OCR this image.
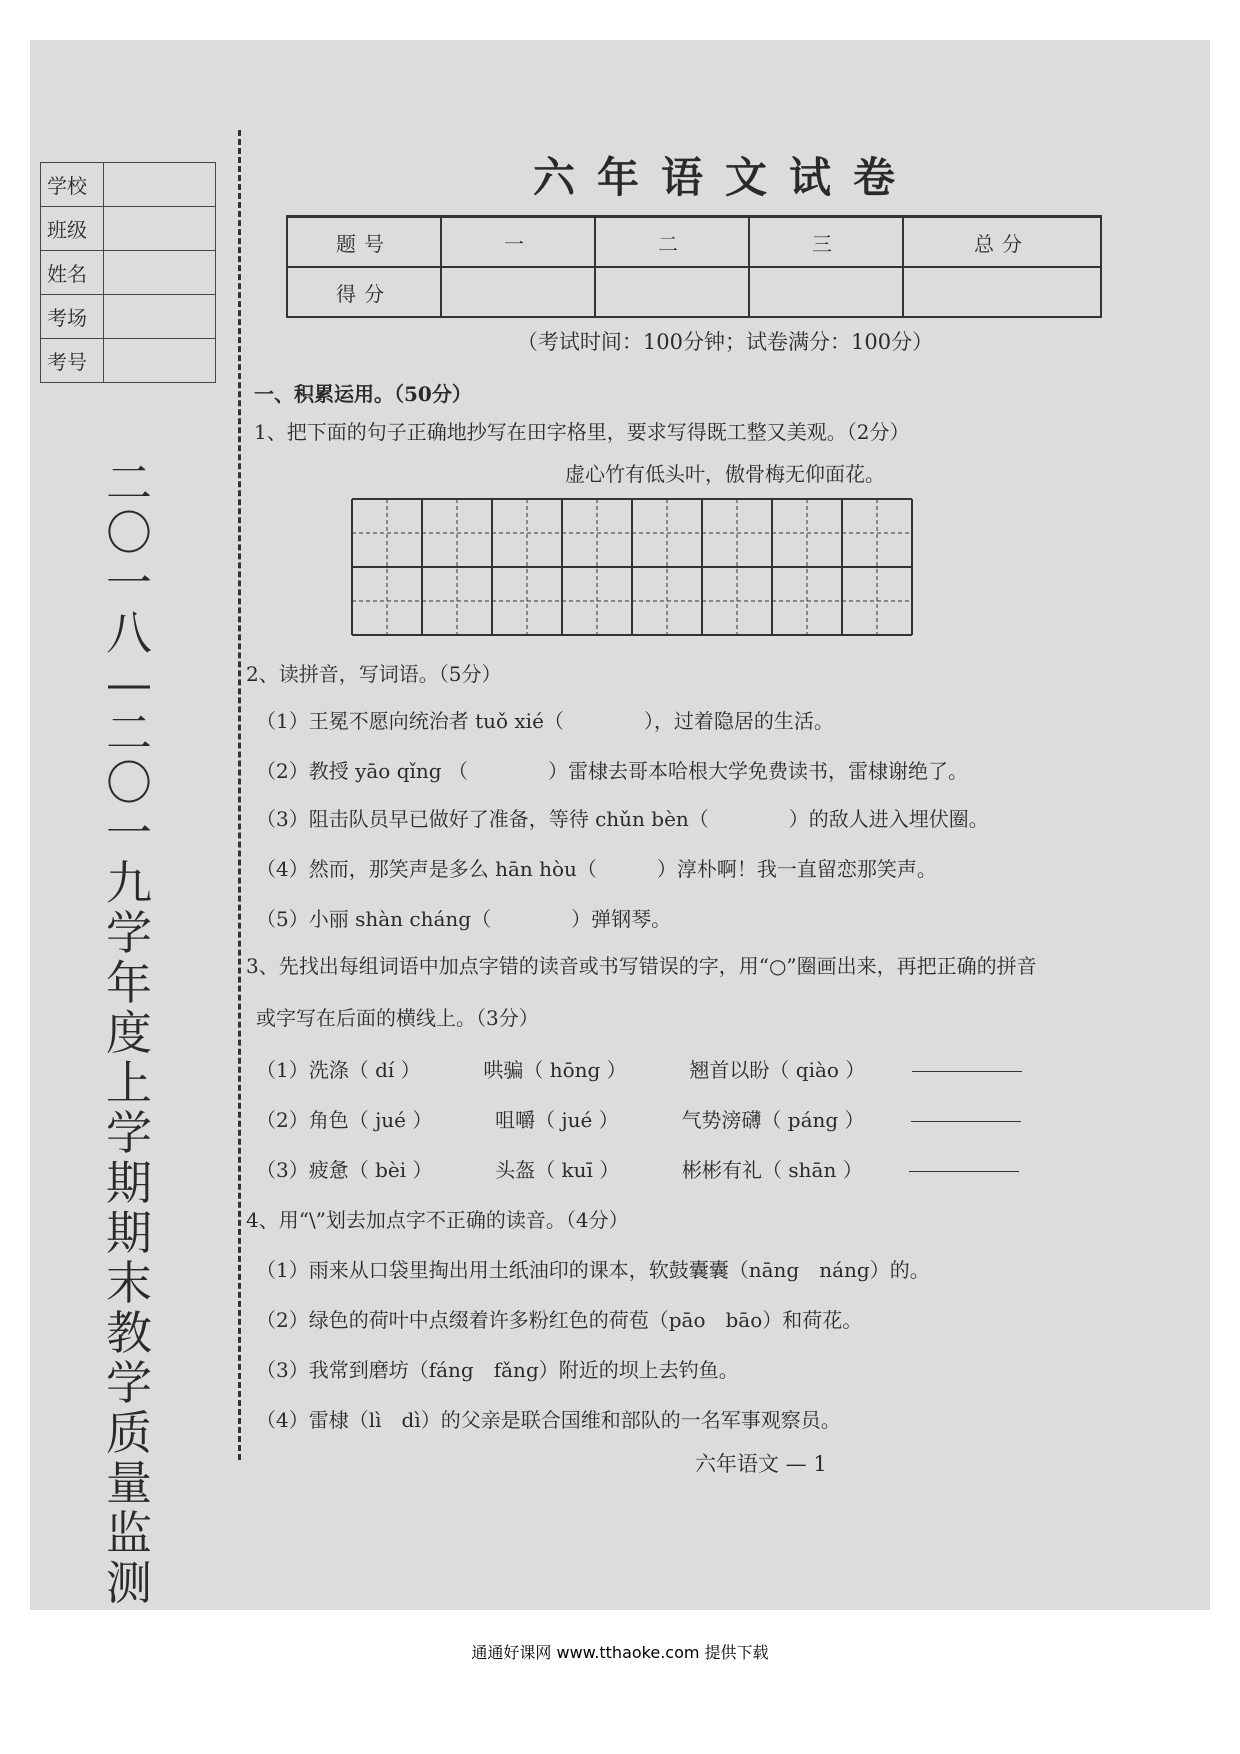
学校	
班级	
姓名	
考场	
考号	
二〇一八—二〇一九学年度上学期期末教学质量监测
六年语文试卷
题号	一	二	三	总分
得分				
（考试时间：100分钟；试卷满分：100分）
一、积累运用。（50分）
1、把下面的句子正确地抄写在田字格里，要求写得既工整又美观。（2分）
虚心竹有低头叶，傲骨梅无仰面花。
2、读拼音，写词语。（5分）
（1）王冕不愿向统治者 tuǒ xié（　　　　），过着隐居的生活。
（2）教授 yāo qǐng （　　　　）雷棣去哥本哈根大学免费读书，雷棣谢绝了。
（3）阻击队员早已做好了准备，等待 chǔn bèn（　　　　）的敌人进入埋伏圈。
（4）然而，那笑声是多么 hān hòu（　　　）淳朴啊！我一直留恋那笑声。
（5）小丽 shàn cháng（　　　　）弹钢琴。
3、先找出每组词语中加点字错的读音或书写错误的字，用“○”圈画出来，再把正确的拼音
或字写在后面的横线上。（3分）
（1）洗涤（ dí ）	哄骗（ hōng ）	翘首以盼（ qiào ）
（2）角色（ jué ）	咀嚼（ jué ）	气势滂礴（ páng ）
（3）疲惫（ bèi ）	头盔（ kuī ）	彬彬有礼（ shān ）
4、用“\”划去加点字不正确的读音。（4分）
（1）雨来从口袋里掏出用土纸油印的课本，软鼓囊囊（nāng　náng）的。
（2）绿色的荷叶中点缀着许多粉红色的荷苞（pāo　bāo）和荷花。
（3）我常到磨坊（fáng　fǎng）附近的坝上去钓鱼。
（4）雷棣（lì　dì）的父亲是联合国维和部队的一名军事观察员。
六年语文 — 1
通通好课网 www.tthaoke.com 提供下载
